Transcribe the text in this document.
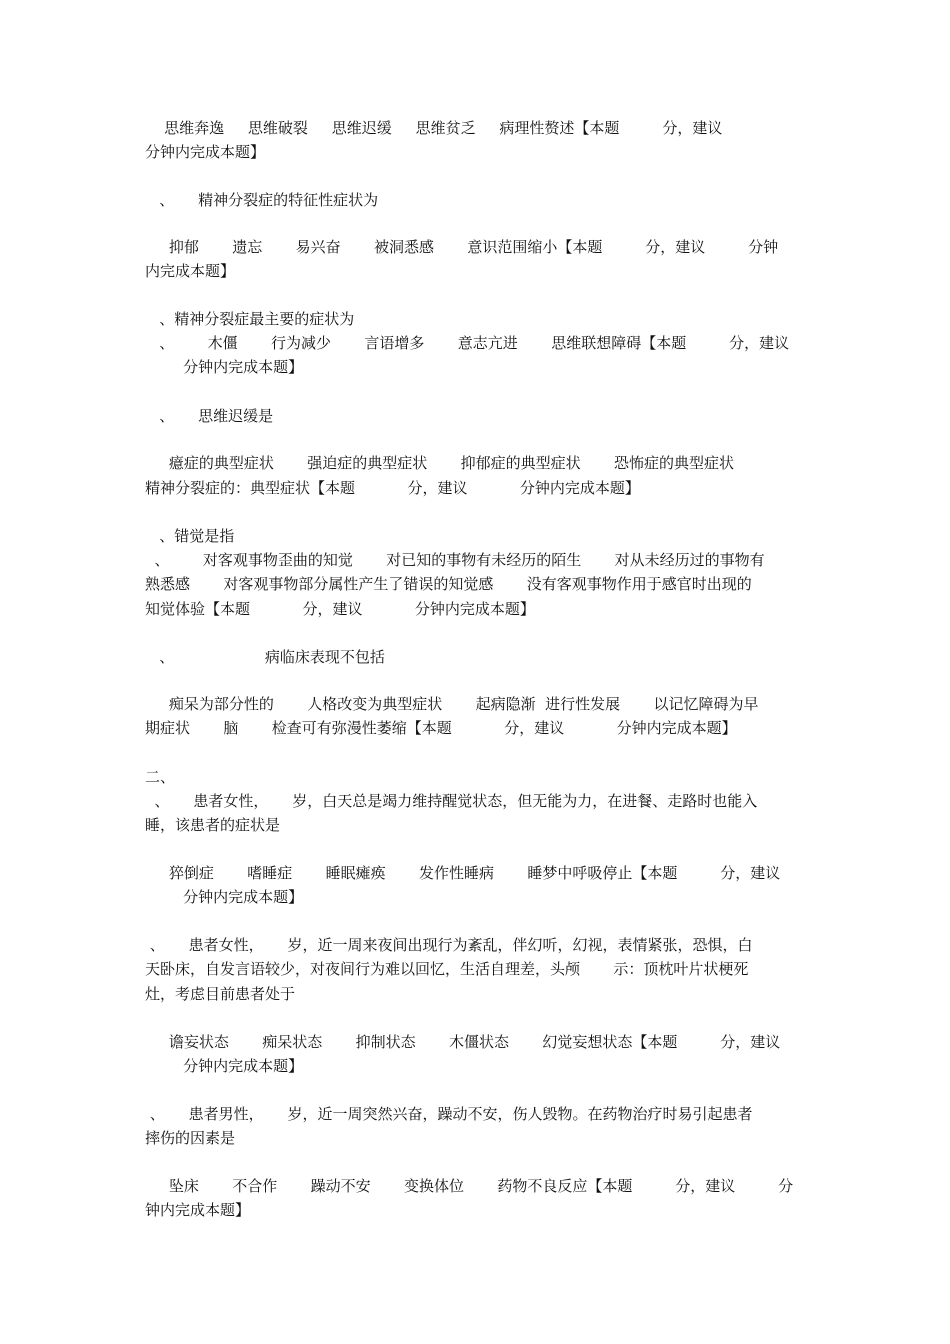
思维奔逸     思维破裂     思维迟缓     思维贫乏     病理性赘述【本题         分，建议
分钟内完成本题】
、     精神分裂症的特征性症状为
抑郁       遗忘       易兴奋       被洞悉感       意识范围缩小【本题         分，建议         分钟
内完成本题】
、精神分裂症最主要的症状为
、       木僵       行为减少       言语增多       意志亢进       思维联想障碍【本题         分，建议
分钟内完成本题】
、     思维迟缓是
癔症的典型症状       强迫症的典型症状       抑郁症的典型症状       恐怖症的典型症状
精神分裂症的：典型症状【本题           分，建议           分钟内完成本题】
、错觉是指
、       对客观事物歪曲的知觉       对已知的事物有未经历的陌生       对从未经历过的事物有
熟悉感       对客观事物部分属性产生了错误的知觉感       没有客观事物作用于感官时出现的
知觉体验【本题           分，建议           分钟内完成本题】
、                   病临床表现不包括
痴呆为部分性的       人格改变为典型症状       起病隐渐  进行性发展       以记忆障碍为早
期症状       脑       检查可有弥漫性萎缩【本题           分，建议           分钟内完成本题】
二、
、     患者女性，     岁，白天总是竭力维持醒觉状态，但无能为力，在进餐、走路时也能入
睡，该患者的症状是
猝倒症       嗜睡症       睡眠瘫痪       发作性睡病       睡梦中呼吸停止【本题         分，建议
分钟内完成本题】
、     患者女性，     岁，近一周来夜间出现行为紊乱，伴幻听，幻视，表情紧张，恐惧，白
天卧床，自发言语较少，对夜间行为难以回忆，生活自理差，头颅       示：顶枕叶片状梗死
灶，考虑目前患者处于
谵妄状态       痴呆状态       抑制状态       木僵状态       幻觉妄想状态【本题         分，建议
分钟内完成本题】
、     患者男性，     岁，近一周突然兴奋，躁动不安，伤人毁物。在药物治疗时易引起患者
摔伤的因素是
坠床       不合作       躁动不安       变换体位       药物不良反应【本题         分，建议         分
钟内完成本题】
